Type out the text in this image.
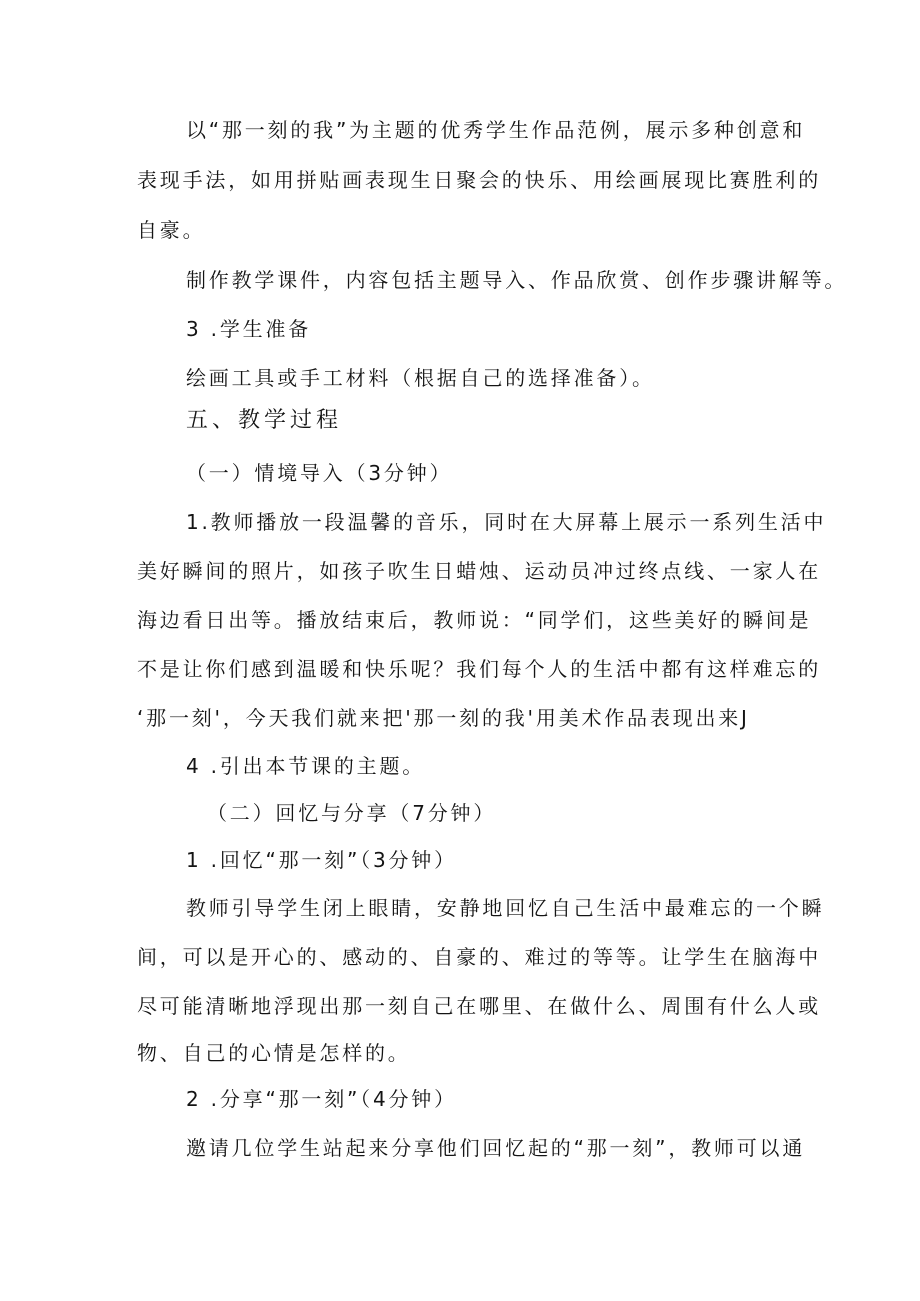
以“那一刻的我”为主题的优秀学生作品范例，展示多种创意和
表现手法，如用拼贴画表现生日聚会的快乐、用绘画展现比赛胜利的
自豪。
制作教学课件，内容包括主题导入、作品欣赏、创作步骤讲解等。
3 .学生准备
绘画工具或手工材料（根据自己的选择准备）。
五、教学过程
（一）情境导入（3分钟）
1.教师播放一段温馨的音乐，同时在大屏幕上展示一系列生活中
美好瞬间的照片，如孩子吹生日蜡烛、运动员冲过终点线、一家人在
海边看日出等。播放结束后，教师说：“同学们，这些美好的瞬间是
不是让你们感到温暖和快乐呢？我们每个人的生活中都有这样难忘的
‘那一刻'，今天我们就来把'那一刻的我'用美术作品表现出来J
4 .引出本节课的主题。
（二）回忆与分享（7分钟）
1 .回忆“那一刻”（3分钟）
教师引导学生闭上眼睛，安静地回忆自己生活中最难忘的一个瞬
间，可以是开心的、感动的、自豪的、难过的等等。让学生在脑海中
尽可能清晰地浮现出那一刻自己在哪里、在做什么、周围有什么人或
物、自己的心情是怎样的。
2 .分享“那一刻”（4分钟）
邀请几位学生站起来分享他们回忆起的“那一刻”，教师可以通
